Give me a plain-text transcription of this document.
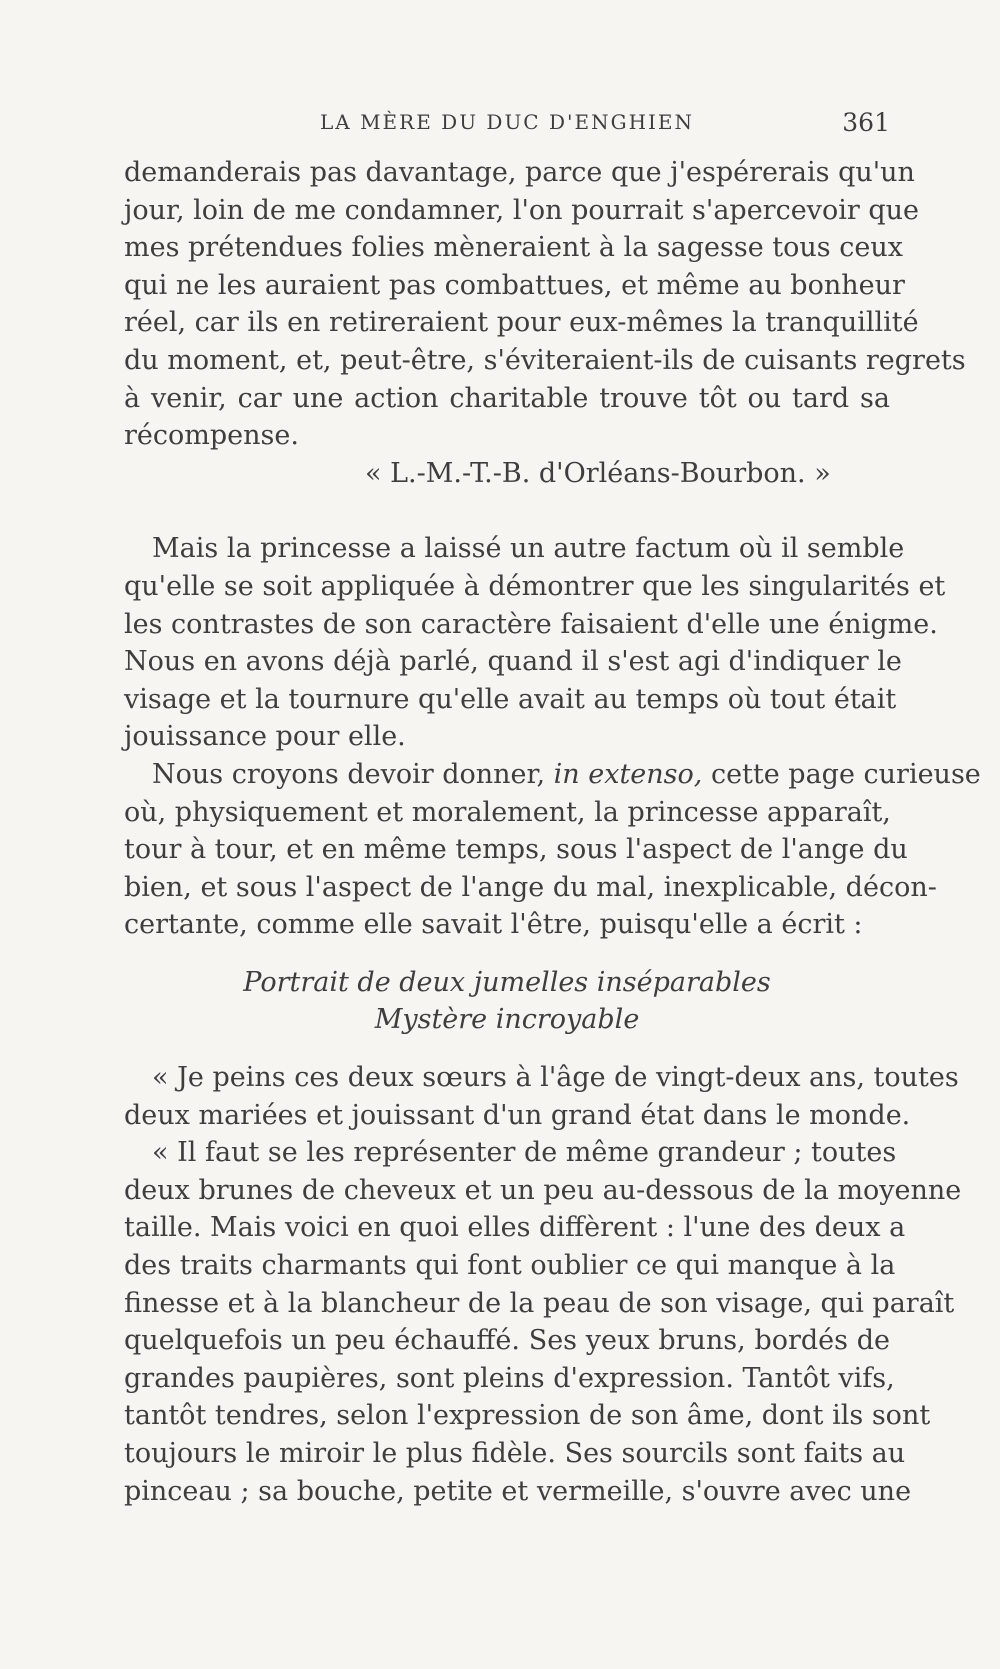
LA MÈRE DU DUC D'ENGHIEN	361
demanderais pas davantage, parce que j'espérerais qu'un
jour, loin de me condamner, l'on pourrait s'apercevoir que
mes prétendues folies mèneraient à la sagesse tous ceux
qui ne les auraient pas combattues, et même au bonheur
réel, car ils en retireraient pour eux-mêmes la tranquillité
du moment, et, peut-être, s'éviteraient-ils de cuisants regrets
à venir, car une action charitable trouve tôt ou tard sa
récompense.
« L.-M.-T.-B. d'Orléans-Bourbon. »
Mais la princesse a laissé un autre factum où il semble
qu'elle se soit appliquée à démontrer que les singularités et
les contrastes de son caractère faisaient d'elle une énigme.
Nous en avons déjà parlé, quand il s'est agi d'indiquer le
visage et la tournure qu'elle avait au temps où tout était
jouissance pour elle.
Nous croyons devoir donner, in extenso, cette page curieuse
où, physiquement et moralement, la princesse apparaît,
tour à tour, et en même temps, sous l'aspect de l'ange du
bien, et sous l'aspect de l'ange du mal, inexplicable, décon-
certante, comme elle savait l'être, puisqu'elle a écrit :
Portrait de deux jumelles inséparables
Mystère incroyable
« Je peins ces deux sœurs à l'âge de vingt-deux ans, toutes
deux mariées et jouissant d'un grand état dans le monde.
« Il faut se les représenter de même grandeur ; toutes
deux brunes de cheveux et un peu au-dessous de la moyenne
taille. Mais voici en quoi elles diffèrent : l'une des deux a
des traits charmants qui font oublier ce qui manque à la
finesse et à la blancheur de la peau de son visage, qui paraît
quelquefois un peu échauffé. Ses yeux bruns, bordés de
grandes paupières, sont pleins d'expression. Tantôt vifs,
tantôt tendres, selon l'expression de son âme, dont ils sont
toujours le miroir le plus fidèle. Ses sourcils sont faits au
pinceau ; sa bouche, petite et vermeille, s'ouvre avec une
